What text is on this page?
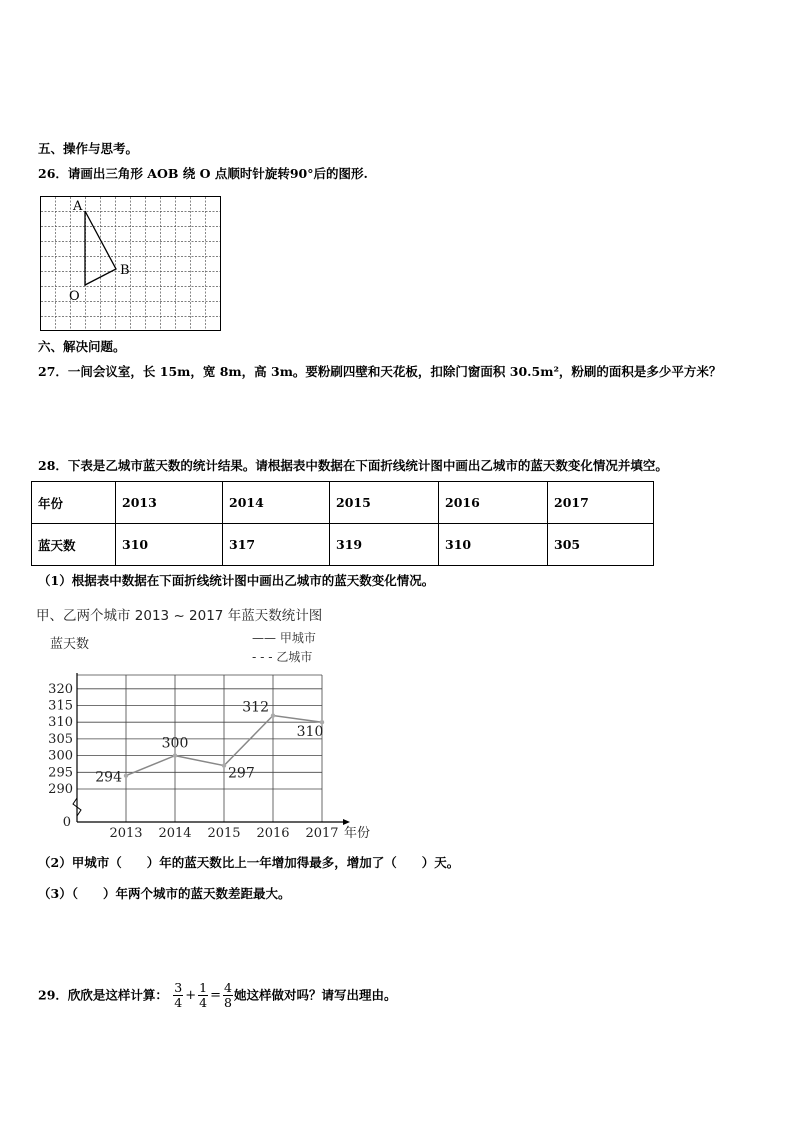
五、操作与思考。
26．请画出三角形 AOB 绕 O 点顺时针旋转90°后的图形.
A
B
O
六、解决问题。
27．一间会议室，长 15m，宽 8m，高 3m。要粉刷四壁和天花板，扣除门窗面积 30.5m²，粉刷的面积是多少平方米？
28．下表是乙城市蓝天数的统计结果。请根据表中数据在下面折线统计图中画出乙城市的蓝天数变化情况并填空。
年份	2013	2014	2015	2016	2017
蓝天数	310	317	319	310	305
（1）根据表中数据在下面折线统计图中画出乙城市的蓝天数变化情况。
甲、乙两个城市 2013 ~ 2017 年蓝天数统计图
蓝天数	—— 甲城市
- - - 乙城市
320
315
310
305
300
295
290
0
2013 2014 2015 2016 2017 年份
294
300
297
312
310
（2）甲城市（　　）年的蓝天数比上一年增加得最多，增加了（　　）天。
（3）（　　）年两个城市的蓝天数差距最大。
29．欣欣是这样计算： $\frac{3}{4} + \frac{1}{4} = \frac{4}{8}$ 她这样做对吗？请写出理由。
